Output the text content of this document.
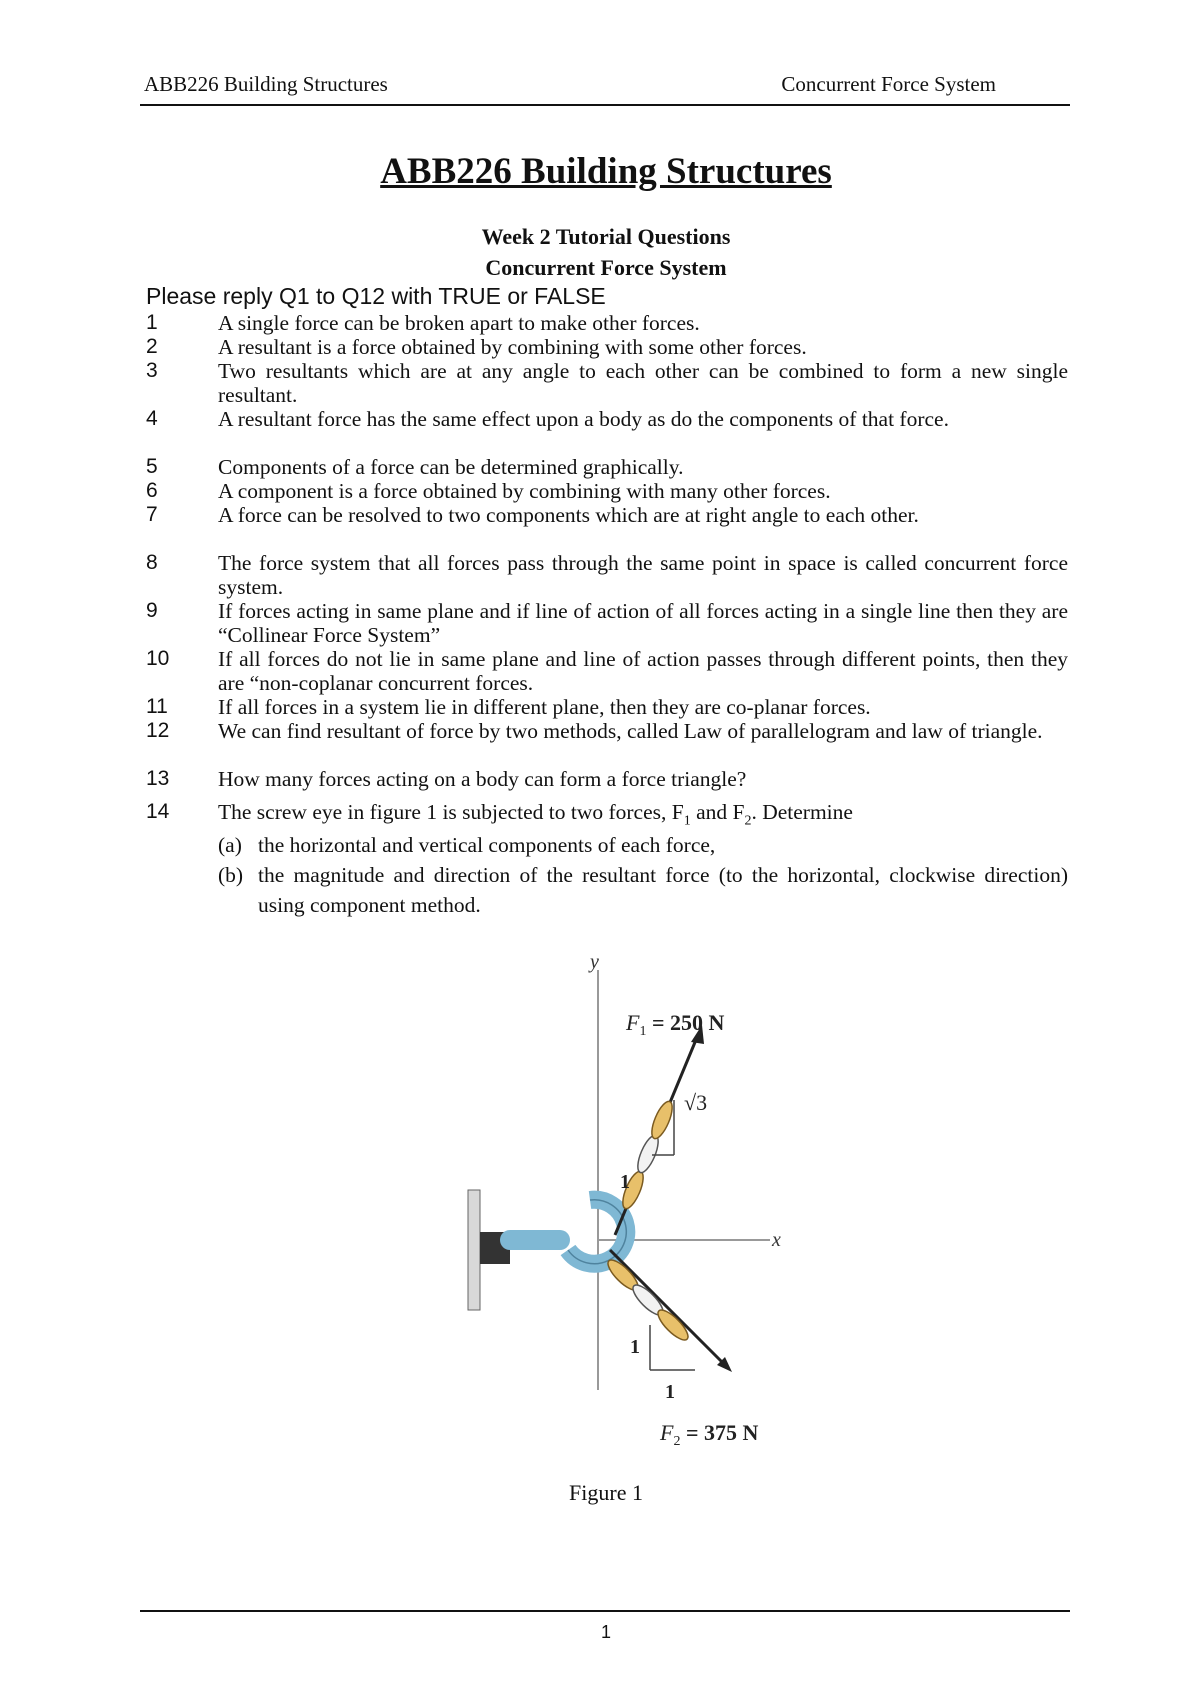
ABB226 Building Structures	Concurrent Force System
ABB226 Building Structures
Week 2 Tutorial Questions
Concurrent Force System
Please reply Q1 to Q12 with TRUE or FALSE
1	A single force can be broken apart to make other forces.
2	A resultant is a force obtained by combining with some other forces.
3	Two resultants which are at any angle to each other can be combined to form a new single resultant.
4	A resultant force has the same effect upon a body as do the components of that force.
5	Components of a force can be determined graphically.
6	A component is a force obtained by combining with many other forces.
7	A force can be resolved to two components which are at right angle to each other.
8	The force system that all forces pass through the same point in space is called concurrent force system.
9	If forces acting in same plane and if line of action of all forces acting in a single line then they are “Collinear Force System”
10 If all forces do not lie in same plane and line of action passes through different points, then they are “non-coplanar concurrent forces.
11 If all forces in a system lie in different plane, then they are co-planar forces.
12 We can find resultant of force by two methods, called Law of parallelogram and law of triangle.
13 How many forces acting on a body can form a force triangle?
14 The screw eye in figure 1 is subjected to two forces, $F_1$ and $F_2$. Determine
(a) the horizontal and vertical components of each force,
(b) the magnitude and direction of the resultant force (to the horizontal, clockwise direction) using component method.
y
x
√3
1
1
1
$F_1 = 250$ N
$F_2 = 375$ N
Figure 1
1
